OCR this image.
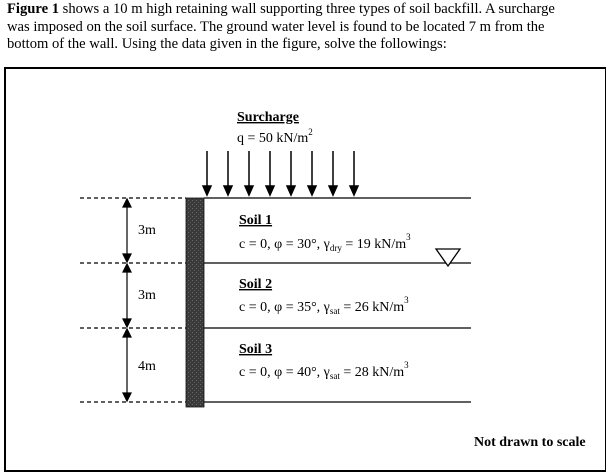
Figure 1 shows a 10 m high retaining wall supporting three types of soil backfill. A surcharge

was imposed on the soil surface. The ground water level is found to be located 7 m from the

bottom of the wall. Using the data given in the figure, solve the followings:

Surcharge
q = 50 $kN/m^2$
3m
3m
4m
Soil 1
c = 0, φ = 30°, $\gamma_{dry} = 19$ $kN/m^3$
Soil 2
c = 0, φ = 35°, $\gamma_{sat} = 26$ $kN/m^3$
Soil 3
c = 0, φ = 40°, $\gamma_{sat} = 28$ $kN/m^3$
Not drawn to scale
